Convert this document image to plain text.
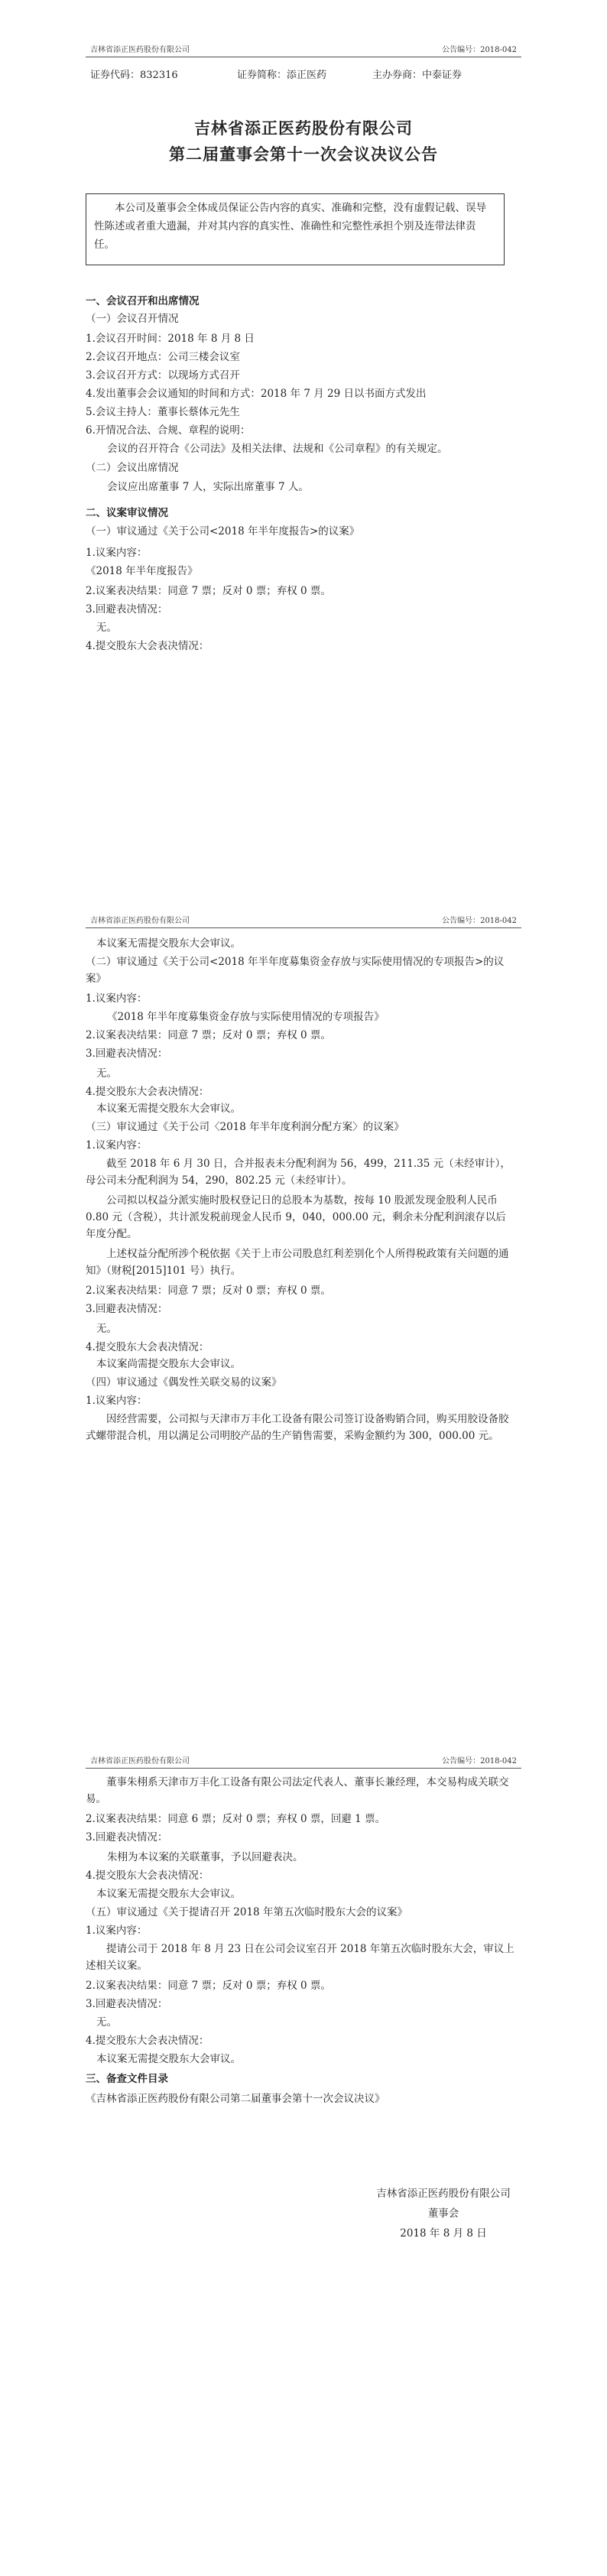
吉林省添正医药股份有限公司	公告编号：2018-042
证券代码：832316	证券简称：添正医药	主办券商：中泰证券
吉林省添正医药股份有限公司
第二届董事会第十一次会议决议公告
本公司及董事会全体成员保证公告内容的真实、准确和完整，没有虚假记载、误导性陈述或者重大遗漏，并对其内容的真实性、准确性和完整性承担个别及连带法律责任。
一、会议召开和出席情况
（一）会议召开情况
1.会议召开时间：2018 年 8 月 8 日
2.会议召开地点：公司三楼会议室
3.会议召开方式：以现场方式召开
4.发出董事会会议通知的时间和方式：2018 年 7 月 29 日以书面方式发出
5.会议主持人：董事长蔡体元先生
6.开情况合法、合规、章程的说明：
会议的召开符合《公司法》及相关法律、法规和《公司章程》的有关规定。
（二）会议出席情况
会议应出席董事 7 人，实际出席董事 7 人。
二、议案审议情况
（一）审议通过《关于公司<2018 年半年度报告>的议案》
1.议案内容：
《2018 年半年度报告》
2.议案表决结果：同意 7 票；反对 0 票；弃权 0 票。
3.回避表决情况：
无。
4.提交股东大会表决情况：
吉林省添正医药股份有限公司	公告编号：2018-042
本议案无需提交股东大会审议。
（二）审议通过《关于公司<2018 年半年度募集资金存放与实际使用情况的专项报告>的议案》
1.议案内容：
《2018 年半年度募集资金存放与实际使用情况的专项报告》
2.议案表决结果：同意 7 票；反对 0 票；弃权 0 票。
3.回避表决情况：
无。
4.提交股东大会表决情况：
本议案无需提交股东大会审议。
（三）审议通过《关于公司〈2018 年半年度利润分配方案〉的议案》
1.议案内容：
截至 2018 年 6 月 30 日，合并报表未分配利润为 56，499，211.35 元（未经审计），母公司未分配利润为 54，290，802.25 元（未经审计）。
公司拟以权益分派实施时股权登记日的总股本为基数，按每 10 股派发现金股利人民币 0.80 元（含税），共计派发税前现金人民币 9，040，000.00 元，剩余未分配利润滚存以后年度分配。
上述权益分配所涉个税依据《关于上市公司股息红利差别化个人所得税政策有关问题的通知》（财税[2015]101 号）执行。
2.议案表决结果：同意 7 票；反对 0 票；弃权 0 票。
3.回避表决情况：
无。
4.提交股东大会表决情况：
本议案尚需提交股东大会审议。
（四）审议通过《偶发性关联交易的议案》
1.议案内容：
因经营需要，公司拟与天津市万丰化工设备有限公司签订设备购销合同，购买用胶设备胶式螺带混合机，用以满足公司明胶产品的生产销售需要，采购金额约为 300，000.00 元。
吉林省添正医药股份有限公司	公告编号：2018-042
董事朱栩系天津市万丰化工设备有限公司法定代表人、董事长兼经理，本交易构成关联交易。
2.议案表决结果：同意 6 票；反对 0 票；弃权 0 票，回避 1 票。
3.回避表决情况：
朱栩为本议案的关联董事，予以回避表决。
4.提交股东大会表决情况：
本议案无需提交股东大会审议。
（五）审议通过《关于提请召开 2018 年第五次临时股东大会的议案》
1.议案内容：
提请公司于 2018 年 8 月 23 日在公司会议室召开 2018 年第五次临时股东大会，审议上述相关议案。
2.议案表决结果：同意 7 票；反对 0 票；弃权 0 票。
3.回避表决情况：
无。
4.提交股东大会表决情况：
本议案无需提交股东大会审议。
三、备查文件目录
《吉林省添正医药股份有限公司第二届董事会第十一次会议决议》
吉林省添正医药股份有限公司
董事会
2018 年 8 月 8 日
